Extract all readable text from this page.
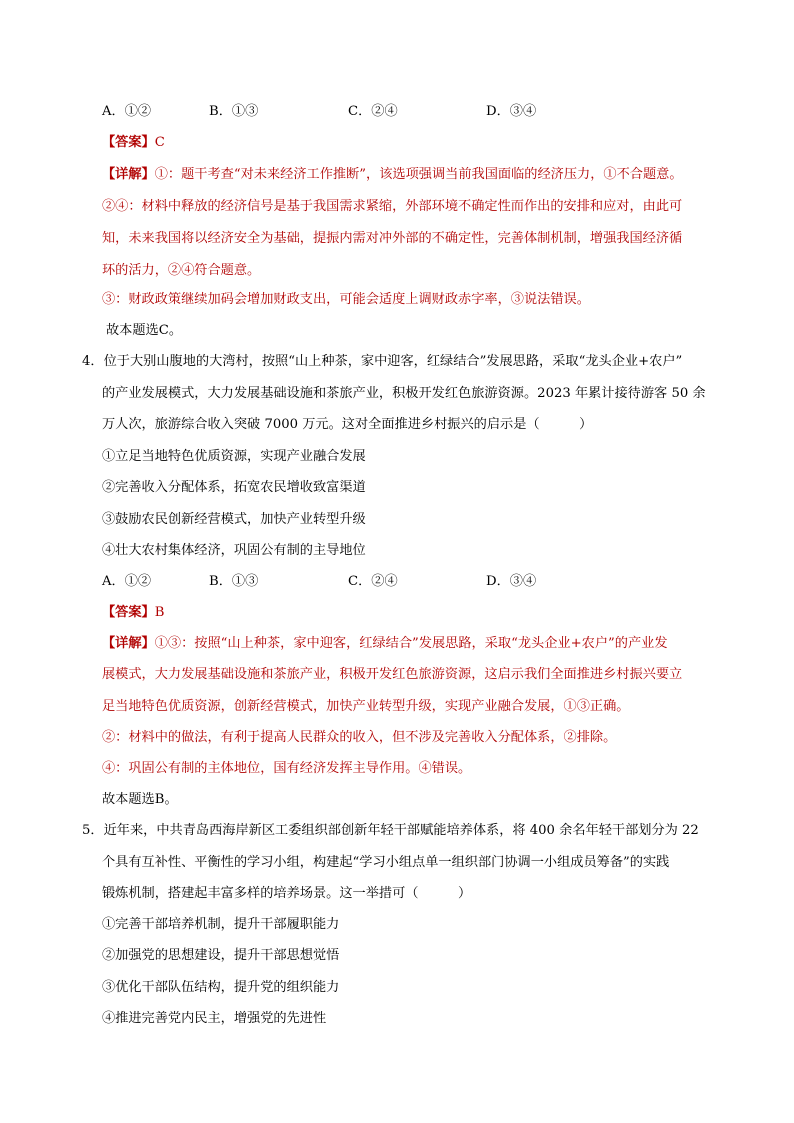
A．①②	B．①③	C．②④	D．③④
【答案】C
【详解】①：题干考查“对未来经济工作推断”，该选项强调当前我国面临的经济压力，①不合题意。
②④：材料中释放的经济信号是基于我国需求紧缩，外部环境不确定性而作出的安排和应对，由此可
知，未来我国将以经济安全为基础，提振内需对冲外部的不确定性，完善体制机制，增强我国经济循
环的活力，②④符合题意。
③：财政政策继续加码会增加财政支出，可能会适度上调财政赤字率，③说法错误。
故本题选C。
4．位于大别山腹地的大湾村，按照“山上种茶，家中迎客，红绿结合”发展思路，采取“龙头企业+农户”
的产业发展模式，大力发展基础设施和茶旅产业，积极开发红色旅游资源。2023 年累计接待游客 50 余
万人次，旅游综合收入突破 7000 万元。这对全面推进乡村振兴的启示是（　　　）
①立足当地特色优质资源，实现产业融合发展
②完善收入分配体系，拓宽农民增收致富渠道
③鼓励农民创新经营模式，加快产业转型升级
④壮大农村集体经济，巩固公有制的主导地位
A．①②	B．①③	C．②④	D．③④
【答案】B
【详解】①③：按照“山上种茶，家中迎客，红绿结合”发展思路，采取“龙头企业+农户”的产业发
展模式，大力发展基础设施和茶旅产业，积极开发红色旅游资源，这启示我们全面推进乡村振兴要立
足当地特色优质资源，创新经营模式，加快产业转型升级，实现产业融合发展，①③正确。
②：材料中的做法，有利于提高人民群众的收入，但不涉及完善收入分配体系，②排除。
④：巩固公有制的主体地位，国有经济发挥主导作用。④错误。
故本题选B。
5．近年来，中共青岛西海岸新区工委组织部创新年轻干部赋能培养体系，将 400 余名年轻干部划分为 22
个具有互补性、平衡性的学习小组，构建起“学习小组点单一组织部门协调一小组成员筹备”的实践
锻炼机制，搭建起丰富多样的培养场景。这一举措可（　　　）
①完善干部培养机制，提升干部履职能力
②加强党的思想建设，提升干部思想觉悟
③优化干部队伍结构，提升党的组织能力
④推进完善党内民主，增强党的先进性
